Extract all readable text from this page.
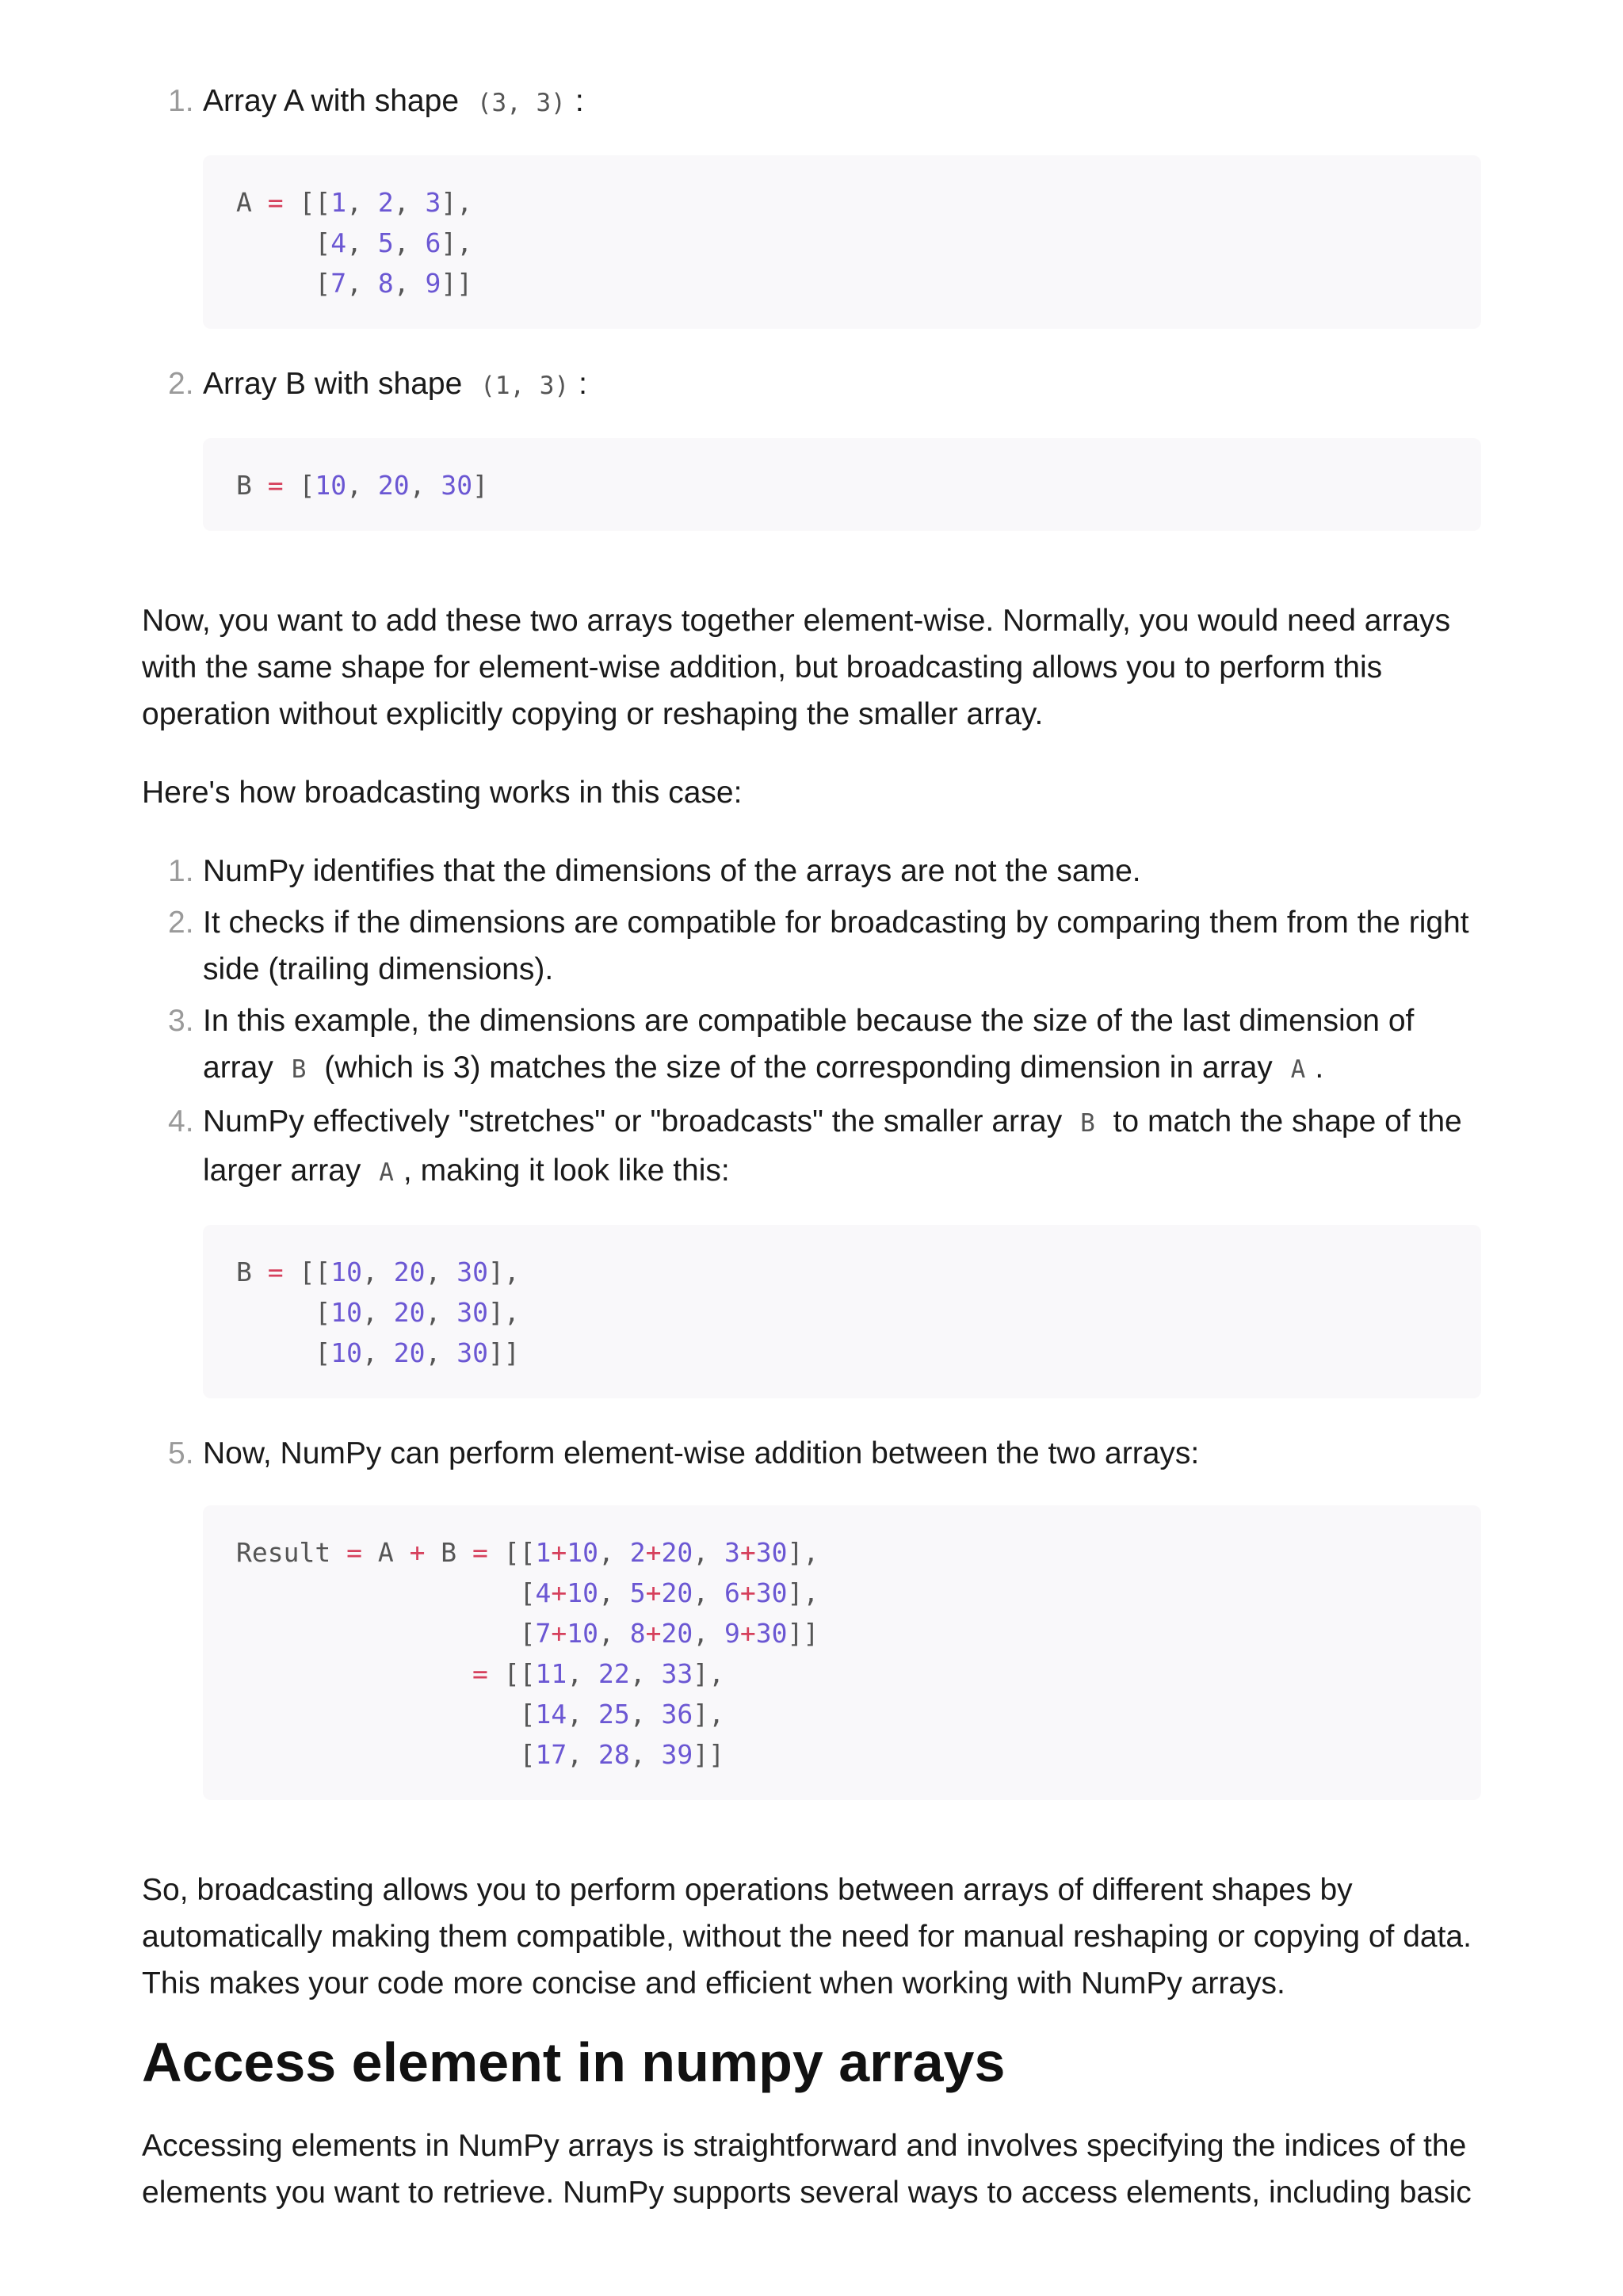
1. Array A with shape (3, 3) :
A = [[1, 2, 3],
[4, 5, 6],
[7, 8, 9]]
2. Array B with shape (1, 3) :
B = [10, 20, 30]

Now, you want to add these two arrays together element-wise. Normally, you would need arrays with the same shape for element-wise addition, but broadcasting allows you to perform this operation without explicitly copying or reshaping the smaller array.

Here's how broadcasting works in this case:

1. NumPy identifies that the dimensions of the arrays are not the same.
2. It checks if the dimensions are compatible for broadcasting by comparing them from the right side (trailing dimensions).
3. In this example, the dimensions are compatible because the size of the last dimension of array B (which is 3) matches the size of the corresponding dimension in array A .
4. NumPy effectively "stretches" or "broadcasts" the smaller array B to match the shape of the larger array A , making it look like this:
B = [[10, 20, 30],
[10, 20, 30],
[10, 20, 30]]
5. Now, NumPy can perform element-wise addition between the two arrays:
Result = A + B = [[1+10, 2+20, 3+30],
[4+10, 5+20, 6+30],
[7+10, 8+20, 9+30]]
= [[11, 22, 33],
[14, 25, 36],
[17, 28, 39]]

So, broadcasting allows you to perform operations between arrays of different shapes by automatically making them compatible, without the need for manual reshaping or copying of data. This makes your code more concise and efficient when working with NumPy arrays.

Access element in numpy arrays

Accessing elements in NumPy arrays is straightforward and involves specifying the indices of the elements you want to retrieve. NumPy supports several ways to access elements, including basic
